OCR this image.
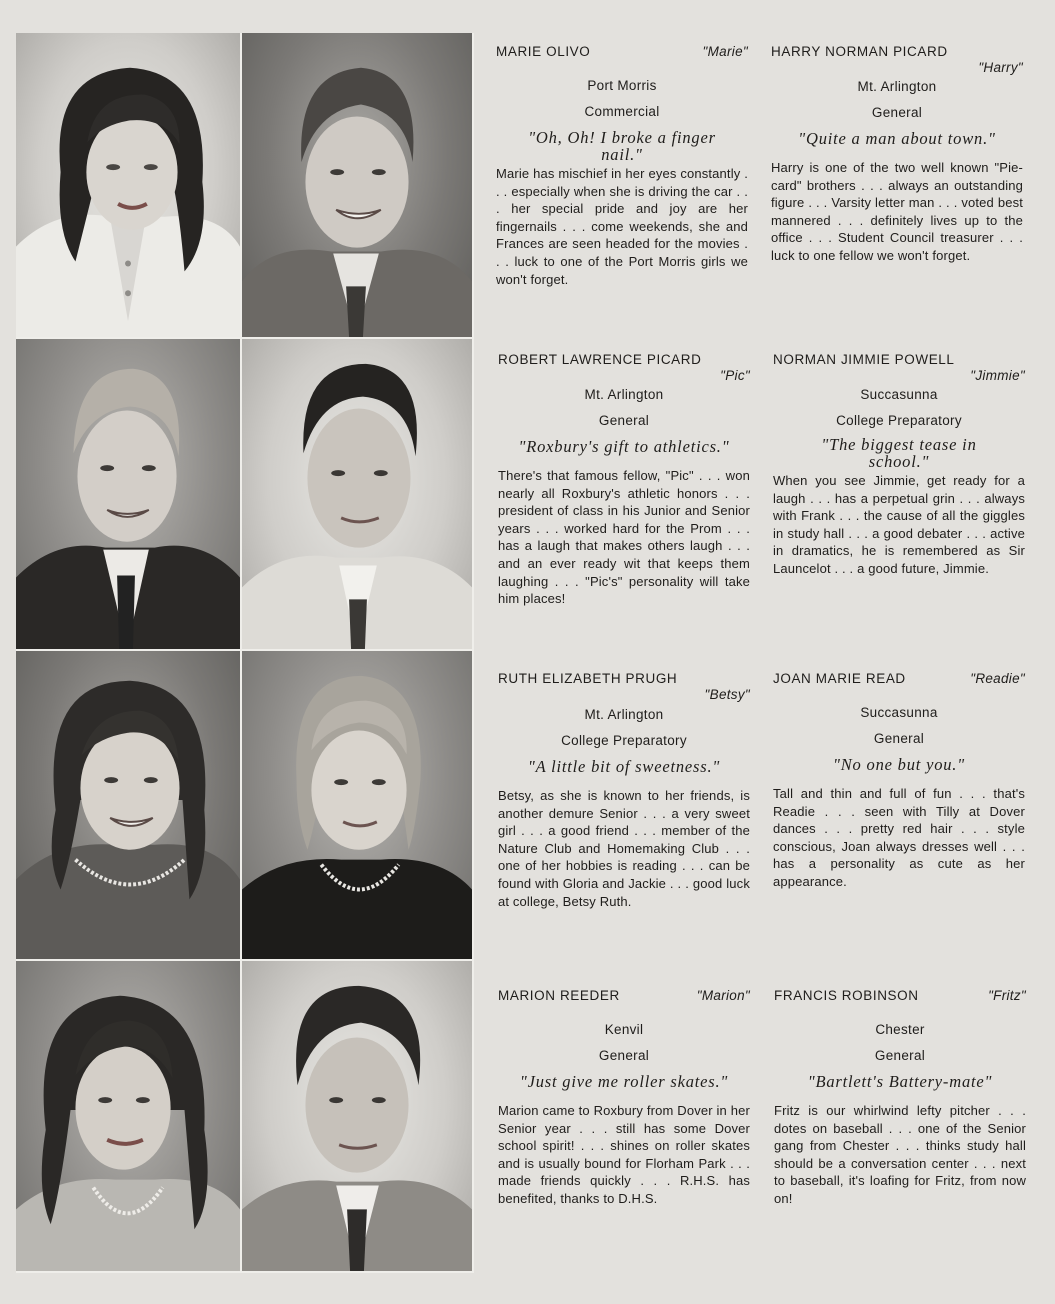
MARIE OLIVO	"Marie"
Port Morris
Commercial
"Oh, Oh! I broke a finger nail."
Marie has mischief in her eyes constantly . . . especially when she is driving the car . . . her special pride and joy are her fingernails . . . come weekends, she and Frances are seen headed for the movies . . . luck to one of the Port Morris girls we won't forget.
HARRY NORMAN PICARD
"Harry"
Mt. Arlington
General
"Quite a man about town."
Harry is one of the two well known "Pie-card" brothers . . . always an outstanding figure . . . Varsity letter man . . . voted best mannered . . . definitely lives up to the office . . . Student Council treasurer . . . luck to one fellow we won't forget.
ROBERT LAWRENCE PICARD
"Pic"
Mt. Arlington
General
"Roxbury's gift to athletics."
There's that famous fellow, "Pic" . . . won nearly all Roxbury's athletic honors . . . president of class in his Junior and Senior years . . . worked hard for the Prom . . . has a laugh that makes others laugh . . . and an ever ready wit that keeps them laughing . . . "Pic's" personality will take him places!
NORMAN JIMMIE POWELL
"Jimmie"
Succasunna
College Preparatory
"The biggest tease in school."
When you see Jimmie, get ready for a laugh . . . has a perpetual grin . . . always with Frank . . . the cause of all the giggles in study hall . . . a good debater . . . active in dramatics, he is remembered as Sir Launcelot . . . a good future, Jimmie.
RUTH ELIZABETH PRUGH
"Betsy"
Mt. Arlington
College Preparatory
"A little bit of sweetness."
Betsy, as she is known to her friends, is another demure Senior . . . a very sweet girl . . . a good friend . . . member of the Nature Club and Homemaking Club . . . one of her hobbies is reading . . . can be found with Gloria and Jackie . . . good luck at college, Betsy Ruth.
JOAN MARIE READ	"Readie"
Succasunna
General
"No one but you."
Tall and thin and full of fun . . . that's Readie . . . seen with Tilly at Dover dances . . . pretty red hair . . . style conscious, Joan always dresses well . . . has a personality as cute as her appearance.
MARION REEDER	"Marion"
Kenvil
General
"Just give me roller skates."
Marion came to Roxbury from Dover in her Senior year . . . still has some Dover school spirit! . . . shines on roller skates and is usually bound for Florham Park . . . made friends quickly . . . R.H.S. has benefited, thanks to D.H.S.
FRANCIS ROBINSON	"Fritz"
Chester
General
"Bartlett's Battery-mate"
Fritz is our whirlwind lefty pitcher . . . dotes on baseball . . . one of the Senior gang from Chester . . . thinks study hall should be a conversation center . . . next to baseball, it's loafing for Fritz, from now on!
